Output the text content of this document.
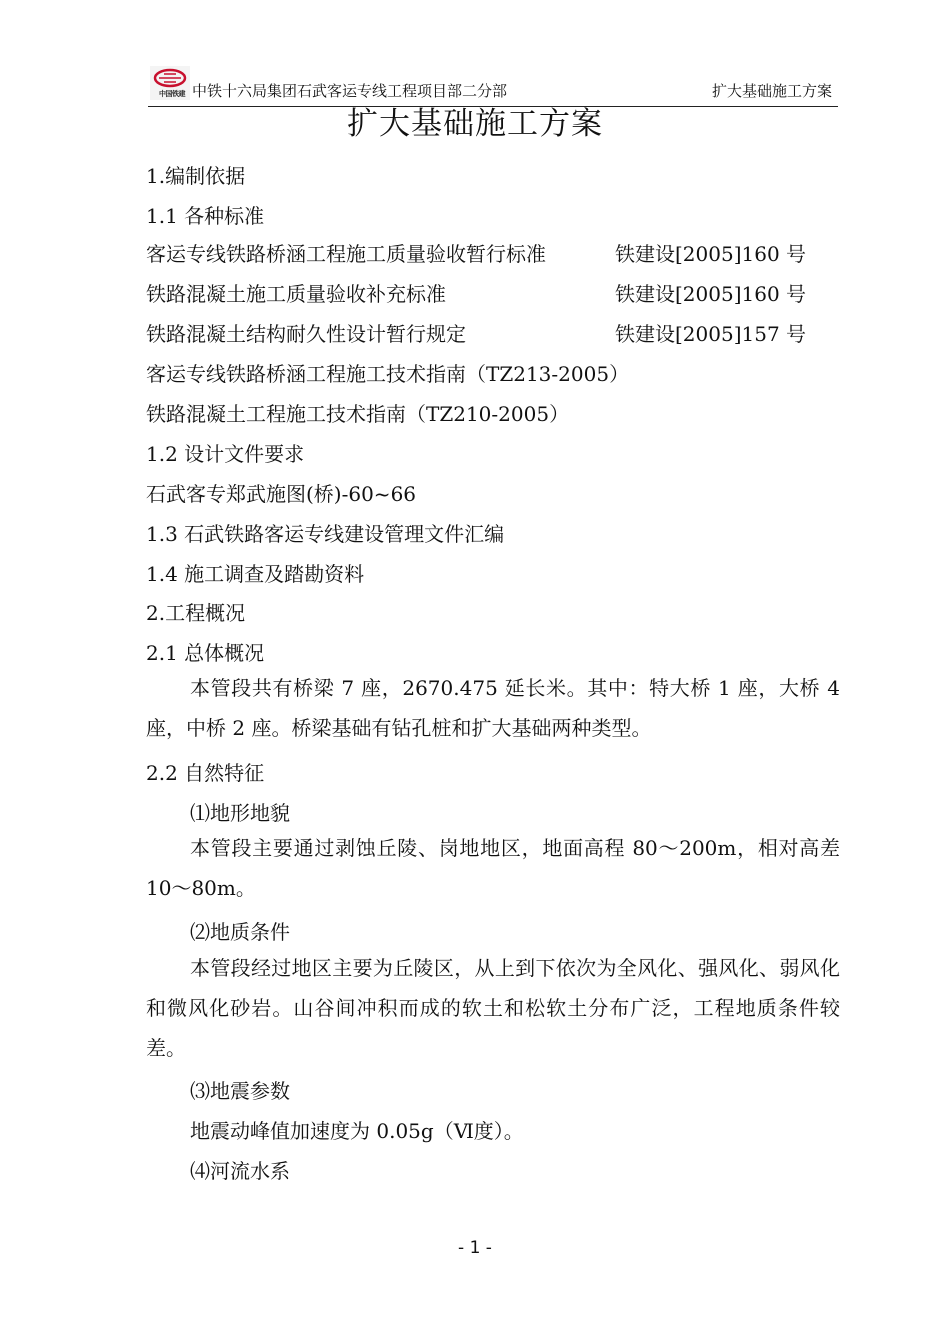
中国铁建 中铁十六局集团石武客运专线工程项目部二分部	扩大基础施工方案
扩大基础施工方案
1.编制依据
1.1 各种标准
客运专线铁路桥涵工程施工质量验收暂行标准	铁建设[2005]160 号
铁路混凝土施工质量验收补充标准	铁建设[2005]160 号
铁路混凝土结构耐久性设计暂行规定	铁建设[2005]157 号
客运专线铁路桥涵工程施工技术指南（TZ213-2005）
铁路混凝土工程施工技术指南（TZ210-2005）
1.2 设计文件要求
石武客专郑武施图(桥)-60~66
1.3 石武铁路客运专线建设管理文件汇编
1.4 施工调查及踏勘资料
2.工程概况
2.1 总体概况
本管段共有桥梁 7 座，2670.475 延长米。其中：特大桥 1 座，大桥 4 座，中桥 2 座。桥梁基础有钻孔桩和扩大基础两种类型。
2.2 自然特征
⑴地形地貌
本管段主要通过剥蚀丘陵、岗地地区，地面高程 80～200m，相对高差 10～80m。
⑵地质条件
本管段经过地区主要为丘陵区，从上到下依次为全风化、强风化、弱风化和微风化砂岩。山谷间冲积而成的软土和松软土分布广泛，工程地质条件较差。
⑶地震参数
地震动峰值加速度为 0.05g（Ⅵ度）。
⑷河流水系
- 1 -
